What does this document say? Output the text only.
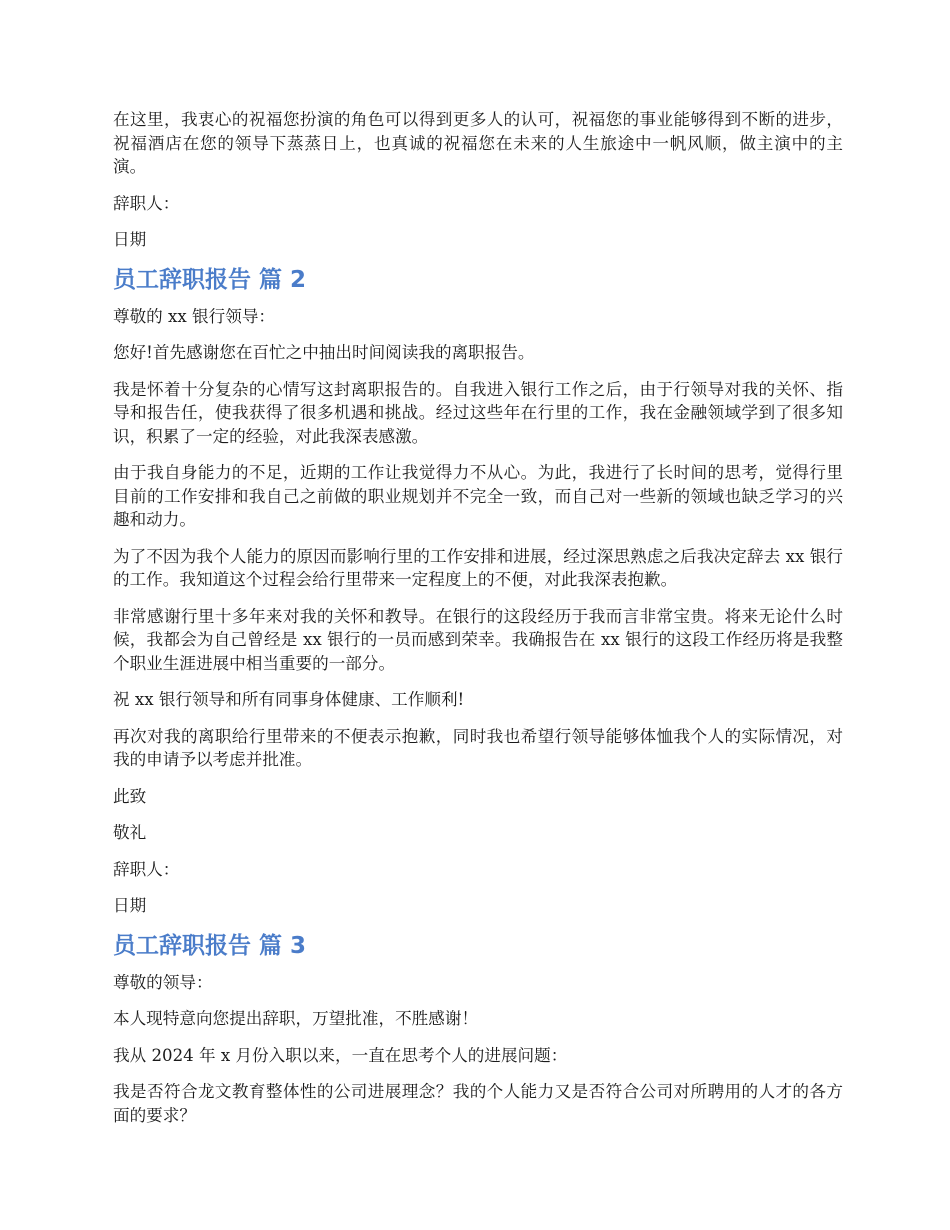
在这里，我衷心的祝福您扮演的角色可以得到更多人的认可，祝福您的事业能够得到不断的进步，祝福酒店在您的领导下蒸蒸日上，也真诚的祝福您在未来的人生旅途中一帆风顺，做主演中的主演。

辞职人：

日期

员工辞职报告 篇 2

尊敬的 xx 银行领导：

您好!首先感谢您在百忙之中抽出时间阅读我的离职报告。

我是怀着十分复杂的心情写这封离职报告的。自我进入银行工作之后，由于行领导对我的关怀、指导和报告任，使我获得了很多机遇和挑战。经过这些年在行里的工作，我在金融领域学到了很多知识，积累了一定的经验，对此我深表感激。

由于我自身能力的不足，近期的工作让我觉得力不从心。为此，我进行了长时间的思考，觉得行里目前的工作安排和我自己之前做的职业规划并不完全一致，而自己对一些新的领域也缺乏学习的兴趣和动力。

为了不因为我个人能力的原因而影响行里的工作安排和进展，经过深思熟虑之后我决定辞去 xx 银行的工作。我知道这个过程会给行里带来一定程度上的不便，对此我深表抱歉。

非常感谢行里十多年来对我的关怀和教导。在银行的这段经历于我而言非常宝贵。将来无论什么时候，我都会为自己曾经是 xx 银行的一员而感到荣幸。我确报告在 xx 银行的这段工作经历将是我整个职业生涯进展中相当重要的一部分。

祝 xx 银行领导和所有同事身体健康、工作顺利!

再次对我的离职给行里带来的不便表示抱歉，同时我也希望行领导能够体恤我个人的实际情况，对我的申请予以考虑并批准。

此致

敬礼

辞职人：

日期

员工辞职报告 篇 3

尊敬的领导：

本人现特意向您提出辞职，万望批准，不胜感谢！

我从 2024 年 x 月份入职以来，一直在思考个人的进展问题：

我是否符合龙文教育整体性的公司进展理念？我的个人能力又是否符合公司对所聘用的人才的各方面的要求？
